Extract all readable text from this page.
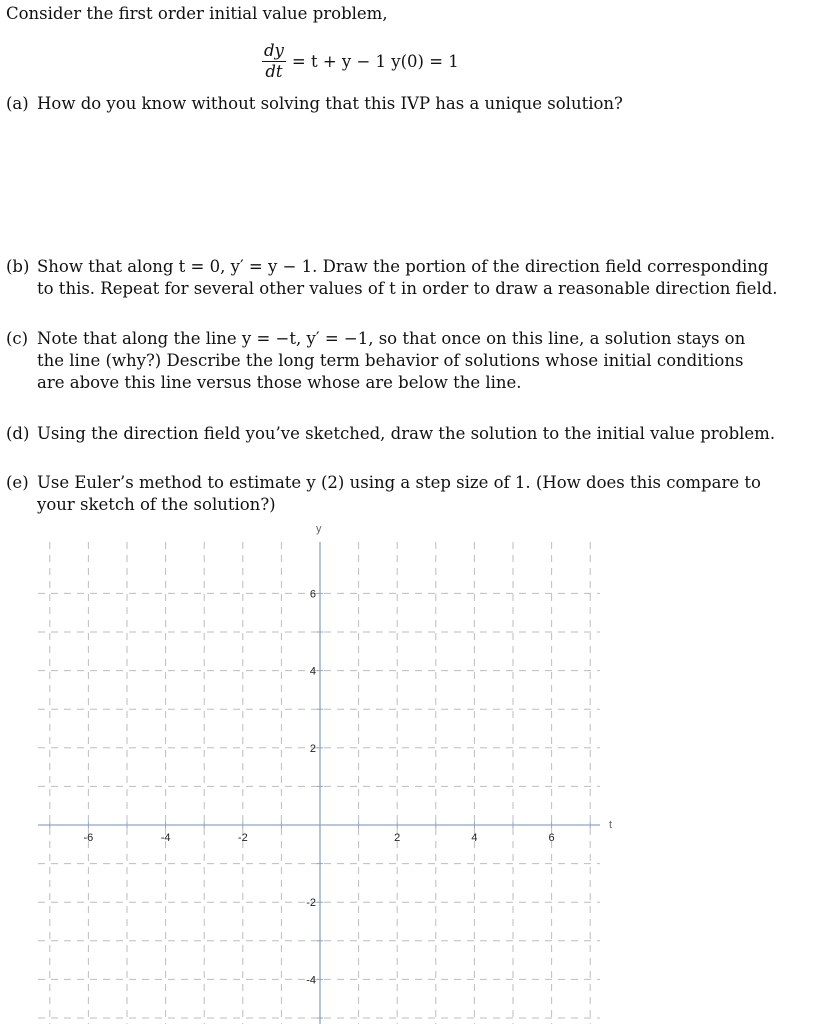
Consider the first order initial value problem,
$\frac{dy}{dt} = t + y - 1$ y(0) = 1
(a) How do you know without solving that this IVP has a unique solution?
(b) Show that along t = 0, y′ = y − 1. Draw the portion of the direction field corresponding
to this. Repeat for several other values of t in order to draw a reasonable direction field.
(c) Note that along the line y = −t, y′ = −1, so that once on this line, a solution stays on
the line (why?) Describe the long term behavior of solutions whose initial conditions
are above this line versus those whose are below the line.
(d) Using the direction field you’ve sketched, draw the solution to the initial value problem.
(e) Use Euler’s method to estimate y (2) using a step size of 1. (How does this compare to
your sketch of the solution?)
-6	-4	-2	2	4	6
6
4
2
-2
-4
y
t
